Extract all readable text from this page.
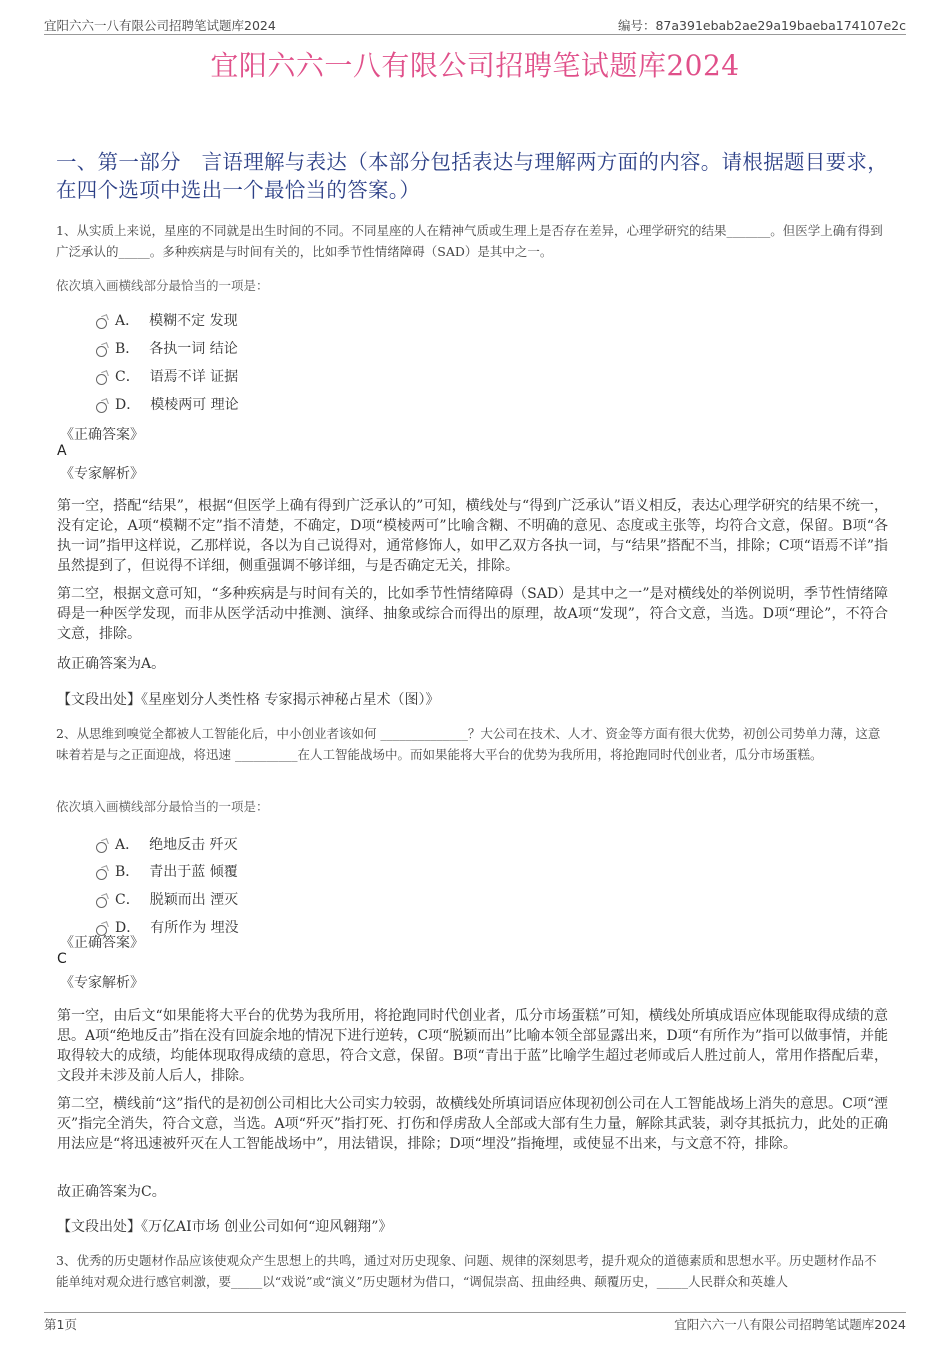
宜阳六六一八有限公司招聘笔试题库2024	编号：87a391ebab2ae29a19baeba174107e2c
宜阳六六一八有限公司招聘笔试题库2024
一、第一部分　言语理解与表达（本部分包括表达与理解两方面的内容。请根据题目要求，在四个选项中选出一个最恰当的答案。）
1、从实质上来说，星座的不同就是出生时间的不同。不同星座的人在精神气质或生理上是否存在差异，心理学研究的结果_______。但医学上确有得到广泛承认的_____。多种疾病是与时间有关的，比如季节性情绪障碍（SAD）是其中之一。
依次填入画横线部分最恰当的一项是：
A． 模糊不定 发现
B． 各执一词 结论
C． 语焉不详 证据
D． 模棱两可 理论
《正确答案》
A
《专家解析》
第一空，搭配“结果”，根据“但医学上确有得到广泛承认的”可知，横线处与“得到广泛承认”语义相反，表达心理学研究的结果不统一，没有定论，A项“模糊不定”指不清楚，不确定，D项“模棱两可”比喻含糊、不明确的意见、态度或主张等，均符合文意，保留。B项“各执一词”指甲这样说，乙那样说，各以为自己说得对，通常修饰人，如甲乙双方各执一词，与“结果”搭配不当，排除；C项“语焉不详”指虽然提到了，但说得不详细，侧重强调不够详细，与是否确定无关，排除。
第二空，根据文意可知，“多种疾病是与时间有关的，比如季节性情绪障碍（SAD）是其中之一”是对横线处的举例说明，季节性情绪障碍是一种医学发现，而非从医学活动中推测、演绎、抽象或综合而得出的原理，故A项“发现”，符合文意，当选。D项“理论”，不符合文意，排除。
故正确答案为A。
【文段出处】《星座划分人类性格 专家揭示神秘占星术（图）》
2、从思维到嗅觉全都被人工智能化后，中小创业者该如何 ______________？大公司在技术、人才、资金等方面有很大优势，初创公司势单力薄，这意味着若是与之正面迎战，将迅速 __________在人工智能战场中。而如果能将大平台的优势为我所用，将抢跑同时代创业者，瓜分市场蛋糕。
依次填入画横线部分最恰当的一项是：
A． 绝地反击 歼灭
B． 青出于蓝 倾覆
C． 脱颖而出 湮灭
D． 有所作为 埋没
《正确答案》
C
《专家解析》
第一空，由后文“如果能将大平台的优势为我所用，将抢跑同时代创业者，瓜分市场蛋糕”可知，横线处所填成语应体现能取得成绩的意思。A项“绝地反击”指在没有回旋余地的情况下进行逆转，C项“脱颖而出”比喻本领全部显露出来，D项“有所作为”指可以做事情，并能取得较大的成绩，均能体现取得成绩的意思，符合文意，保留。B项“青出于蓝”比喻学生超过老师或后人胜过前人，常用作搭配后辈，文段并未涉及前人后人，排除。
第二空，横线前“这”指代的是初创公司相比大公司实力较弱，故横线处所填词语应体现初创公司在人工智能战场上消失的意思。C项“湮灭”指完全消失，符合文意，当选。A项“歼灭”指打死、打伤和俘虏敌人全部或大部有生力量，解除其武装，剥夺其抵抗力，此处的正确用法应是“将迅速被歼灭在人工智能战场中”，用法错误，排除；D项“埋没”指掩埋，或使显不出来，与文意不符，排除。
故正确答案为C。
【文段出处】《万亿AI市场 创业公司如何“迎风翱翔”》
3、优秀的历史题材作品应该使观众产生思想上的共鸣，通过对历史现象、问题、规律的深刻思考，提升观众的道德素质和思想水平。历史题材作品不能单纯对观众进行感官刺激，要_____以“戏说”或“演义”历史题材为借口，“调侃崇高、扭曲经典、颠覆历史，_____人民群众和英雄人
第1页	宜阳六六一八有限公司招聘笔试题库2024
